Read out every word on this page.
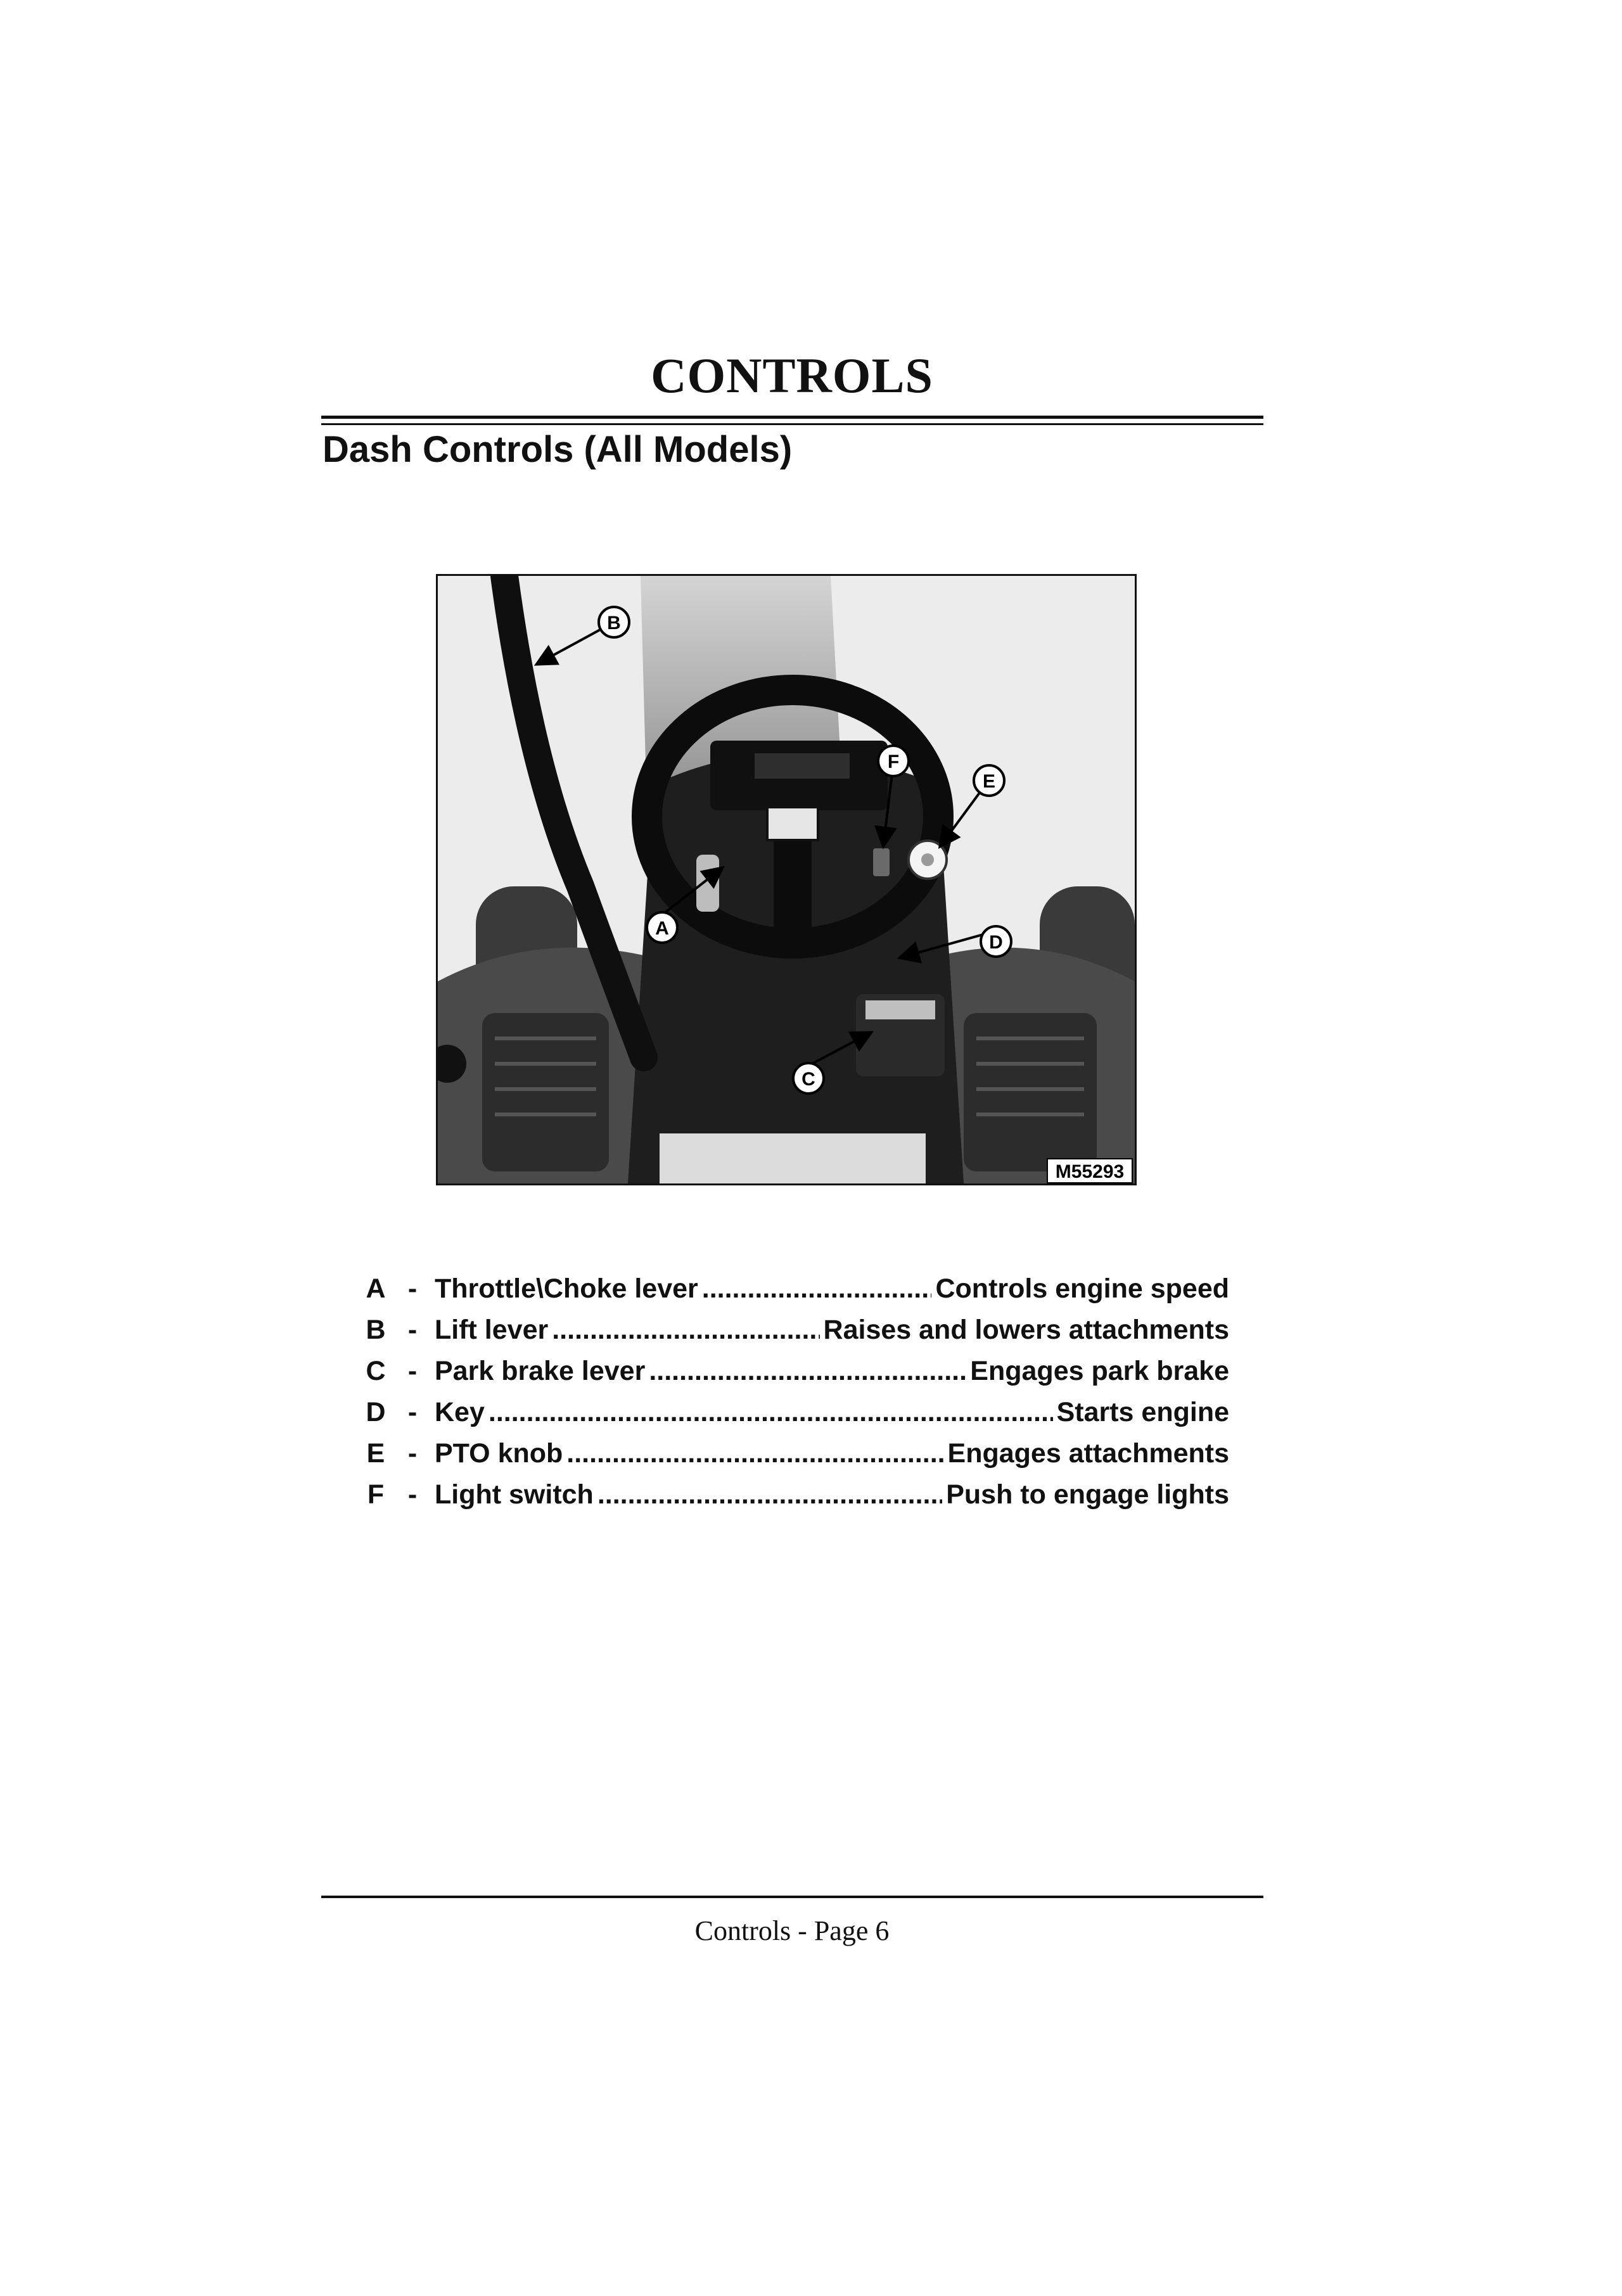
CONTROLS
Dash Controls (All Models)
B
A
C
D
E
F
M55293
A - Throttle\Choke lever .....	Controls engine speed
B - Lift lever .....	Raises and lowers attachments
C - Park brake lever .....	Engages park brake
D - Key .....	Starts engine
E - PTO knob .....	Engages attachments
F - Light switch .....	Push to engage lights
Controls - Page 6
